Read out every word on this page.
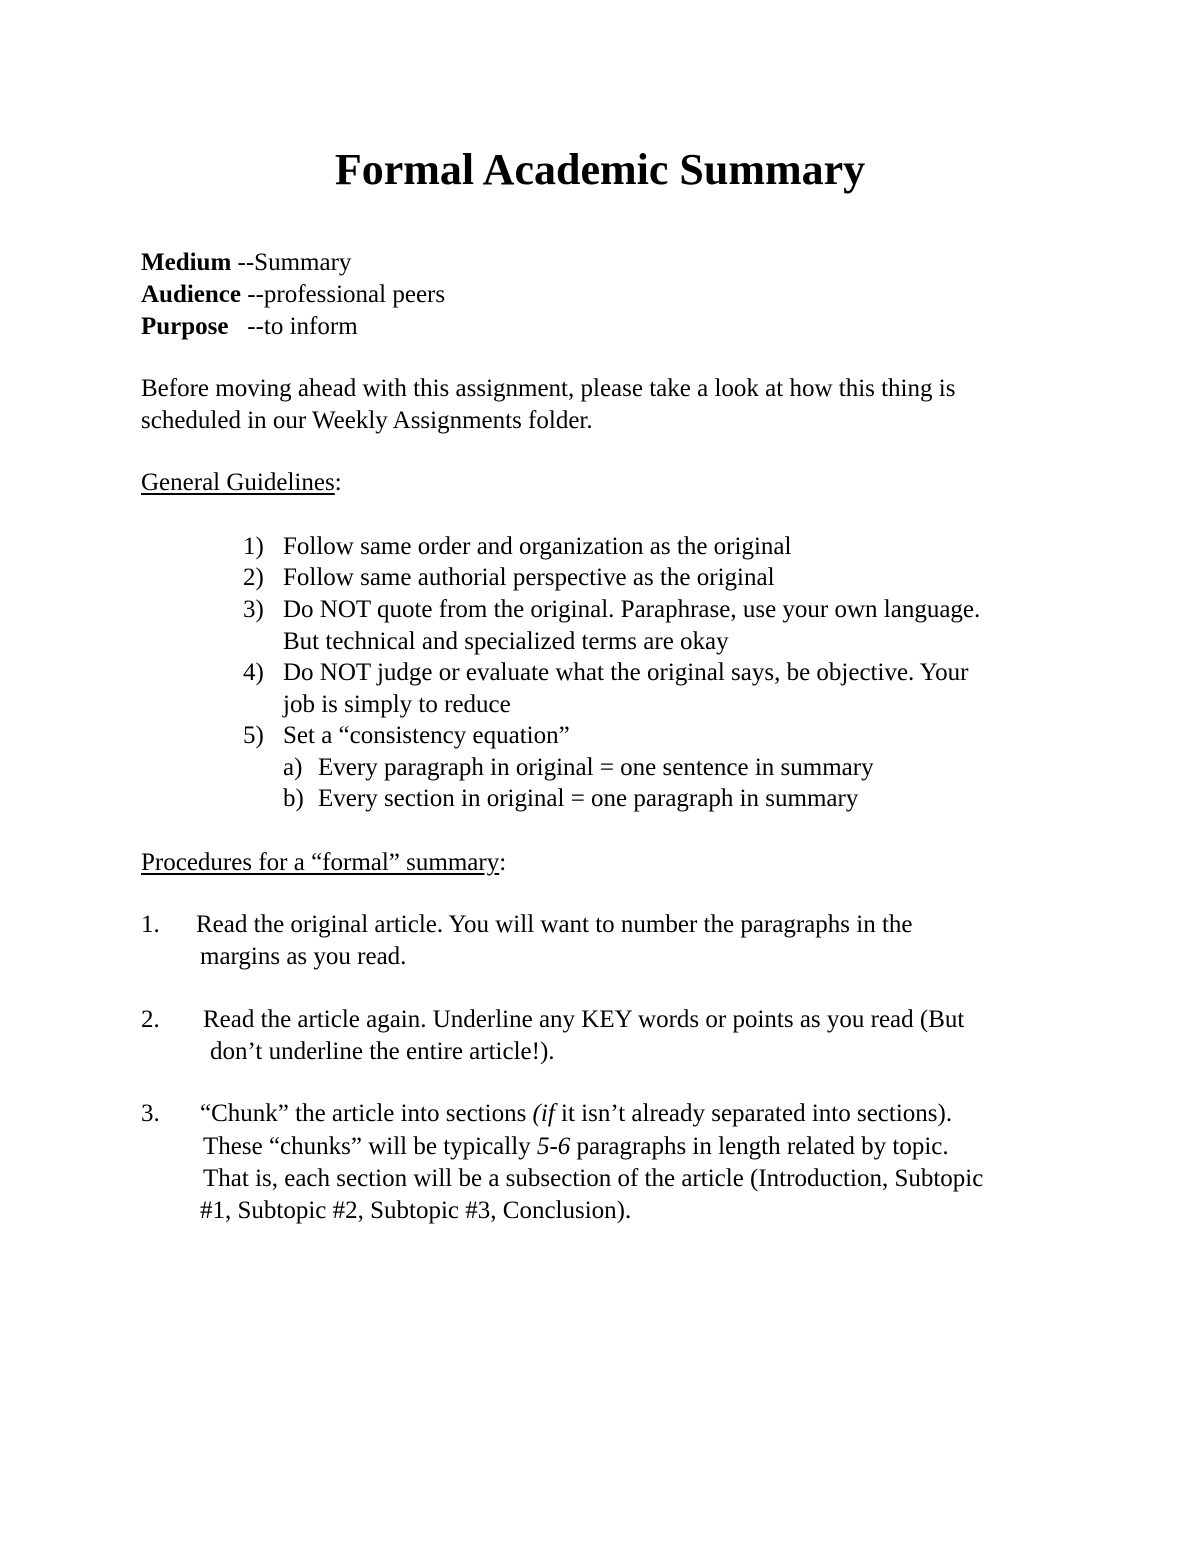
Formal Academic Summary
Medium --Summary
Audience --professional peers
Purpose   --to inform
Before moving ahead with this assignment, please take a look at how this thing is
scheduled in our Weekly Assignments folder.
General Guidelines:
1) Follow same order and organization as the original
2) Follow same authorial perspective as the original
3) Do NOT quote from the original. Paraphrase, use your own language.
But technical and specialized terms are okay
4) Do NOT judge or evaluate what the original says, be objective. Your
job is simply to reduce
5) Set a “consistency equation”
a) Every paragraph in original = one sentence in summary
b) Every section in original = one paragraph in summary
Procedures for a “formal” summary:
1. Read the original article. You will want to number the paragraphs in the
margins as you read.
2. Read the article again. Underline any KEY words or points as you read (But
don’t underline the entire article!).
3. “Chunk” the article into sections (if it isn’t already separated into sections).
These “chunks” will be typically 5-6 paragraphs in length related by topic.
That is, each section will be a subsection of the article (Introduction, Subtopic
#1, Subtopic #2, Subtopic #3, Conclusion).
